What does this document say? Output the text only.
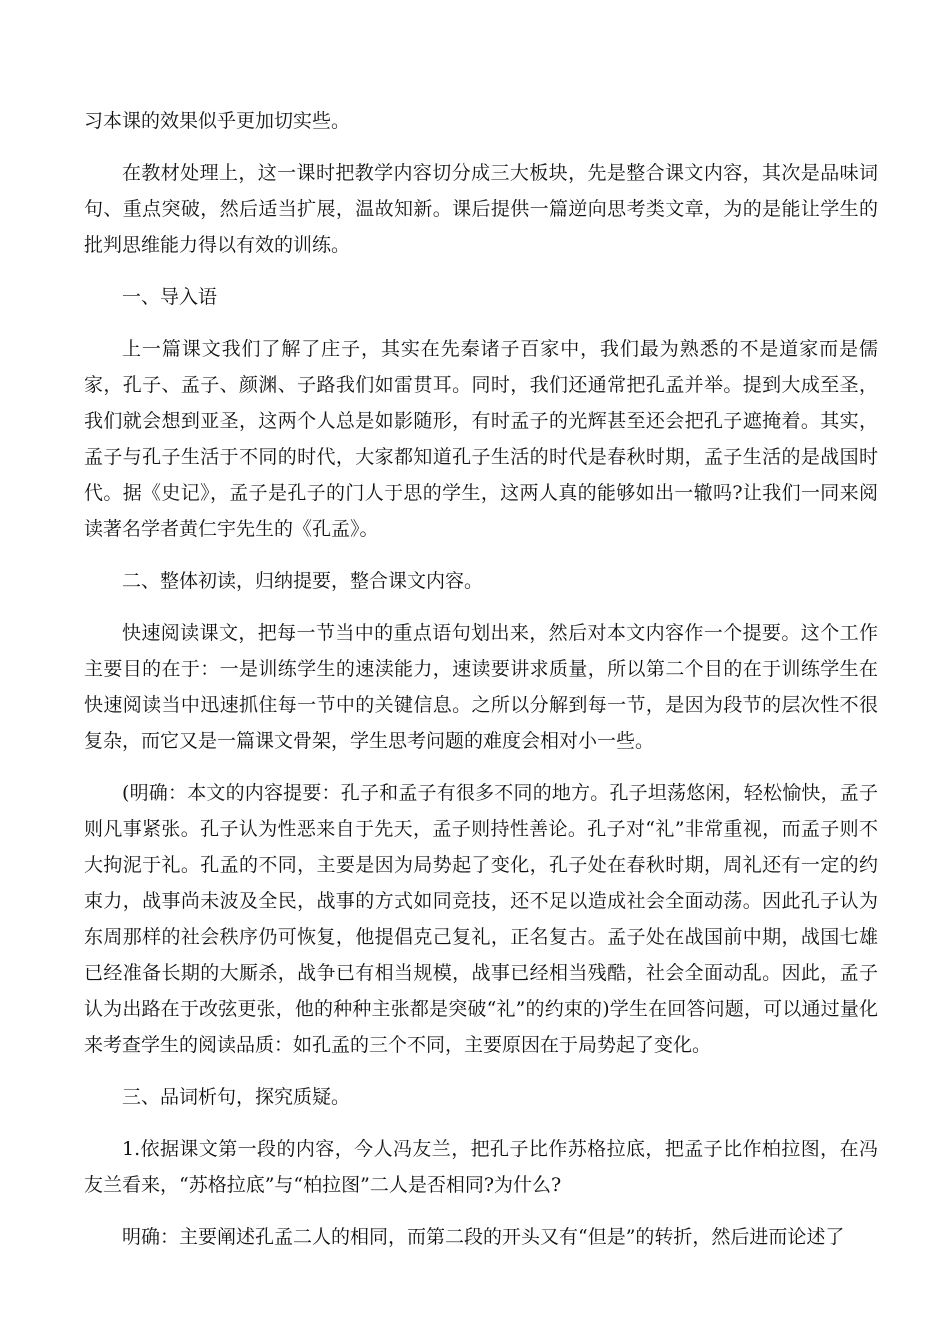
习本课的效果似乎更加切实些。

在教材处理上，这一课时把教学内容切分成三大板块，先是整合课文内容，其次是品味词句、重点突破，然后适当扩展，温故知新。课后提供一篇逆向思考类文章，为的是能让学生的批判思维能力得以有效的训练。

一、导入语

上一篇课文我们了解了庄子，其实在先秦诸子百家中，我们最为熟悉的不是道家而是儒家，孔子、孟子、颜渊、子路我们如雷贯耳。同时，我们还通常把孔孟并举。提到大成至圣，我们就会想到亚圣，这两个人总是如影随形，有时孟子的光辉甚至还会把孔子遮掩着。其实，孟子与孔子生活于不同的时代，大家都知道孔子生活的时代是春秋时期，孟子生活的是战国时代。据《史记》，孟子是孔子的门人于思的学生，这两人真的能够如出一辙吗?让我们一同来阅读著名学者黄仁宇先生的《孔孟》。

二、整体初读，归纳提要，整合课文内容。

快速阅读课文，把每一节当中的重点语句划出来，然后对本文内容作一个提要。这个工作主要目的在于：一是训练学生的速渎能力，速读要讲求质量，所以第二个目的在于训练学生在快速阅读当中迅速抓住每一节中的关键信息。之所以分解到每一节，是因为段节的层次性不很复杂，而它又是一篇课文骨架，学生思考问题的难度会相对小一些。

(明确：本文的内容提要：孔子和孟子有很多不同的地方。孔子坦荡悠闲，轻松愉快，孟子则凡事紧张。孔子认为性恶来自于先天，孟子则持性善论。孔子对“礼”非常重视，而孟子则不大拘泥于礼。孔孟的不同，主要是因为局势起了变化，孔子处在春秋时期，周礼还有一定的约束力，战事尚未波及全民，战事的方式如同竞技，还不足以造成社会全面动荡。因此孔子认为东周那样的社会秩序仍可恢复，他提倡克己复礼，正名复古。孟子处在战国前中期，战国七雄已经准备长期的大厮杀，战争已有相当规模，战事已经相当残酷，社会全面动乱。因此，孟子认为出路在于改弦更张，他的种种主张都是突破“礼”的约束的)学生在回答问题，可以通过量化来考查学生的阅读品质：如孔孟的三个不同，主要原因在于局势起了变化。

三、品词析句，探究质疑。

1.依据课文第一段的内容，今人冯友兰，把孔子比作苏格拉底，把孟子比作柏拉图，在冯友兰看来，“苏格拉底”与“柏拉图”二人是否相同?为什么?

明确：主要阐述孔孟二人的相同，而第二段的开头又有“但是”的转折，然后进而论述了
